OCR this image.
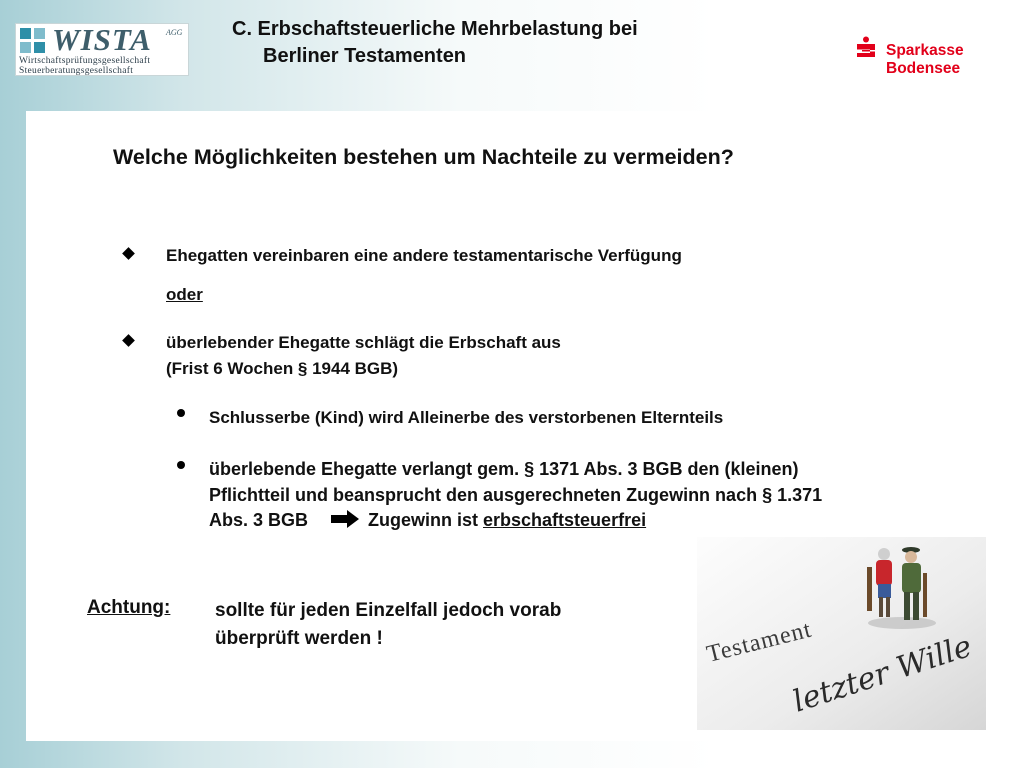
WISTA AGG
Wirtschaftsprüfungsgesellschaft
Steuerberatungsgesellschaft
C. Erbschaftsteuerliche Mehrbelastung bei
Berliner Testamenten	Sparkasse
Bodensee
Welche Möglichkeiten bestehen um Nachteile zu vermeiden?
Ehegatten vereinbaren eine andere testamentarische Verfügung
oder
überlebender Ehegatte schlägt die Erbschaft aus
(Frist 6 Wochen § 1944 BGB)
Schlusserbe (Kind) wird Alleinerbe des verstorbenen Elternteils
überlebende Ehegatte verlangt gem. § 1371 Abs. 3 BGB den (kleinen)
Pflichtteil und beansprucht den ausgerechneten Zugewinn nach § 1.371
Abs. 3 BGB	Zugewinn ist erbschaftsteuerfrei
Achtung: sollte für jeden Einzelfall jedoch vorab
überprüft werden !	Testament
letzter Wille
